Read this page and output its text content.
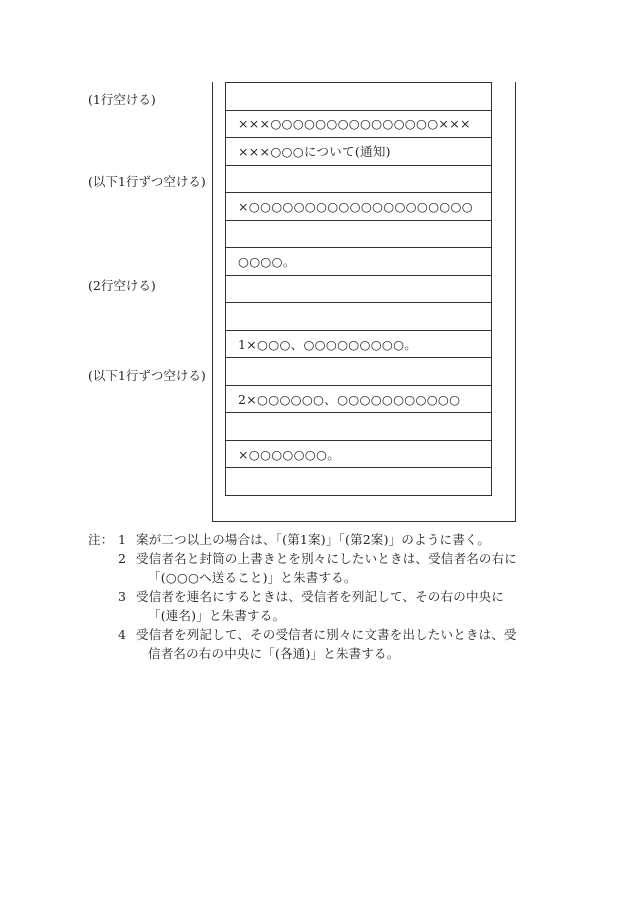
(1行空ける)
(以下1行ずつ空ける)
(2行空ける)
(以下1行ずつ空ける)

×××○○○○○○○○○○○○○○○×××
×××○○○について(通知)

×○○○○○○○○○○○○○○○○○○○○

○○○○。

1×○○○、○○○○○○○○○。

2×○○○○○○、○○○○○○○○○○○

×○○○○○○○。

注： 1 案が二つ以上の場合は、「(第1案)」「(第2案)」のように書く。
2 受信者名と封筒の上書きとを別々にしたいときは、受信者名の右に「(○○○へ送ること)」と朱書する。
3 受信者を連名にするときは、受信者を列記して、その右の中央に「(連名)」と朱書する。
4 受信者を列記して、その受信者に別々に文書を出したいときは、受信者名の右の中央に「(各通)」と朱書する。
